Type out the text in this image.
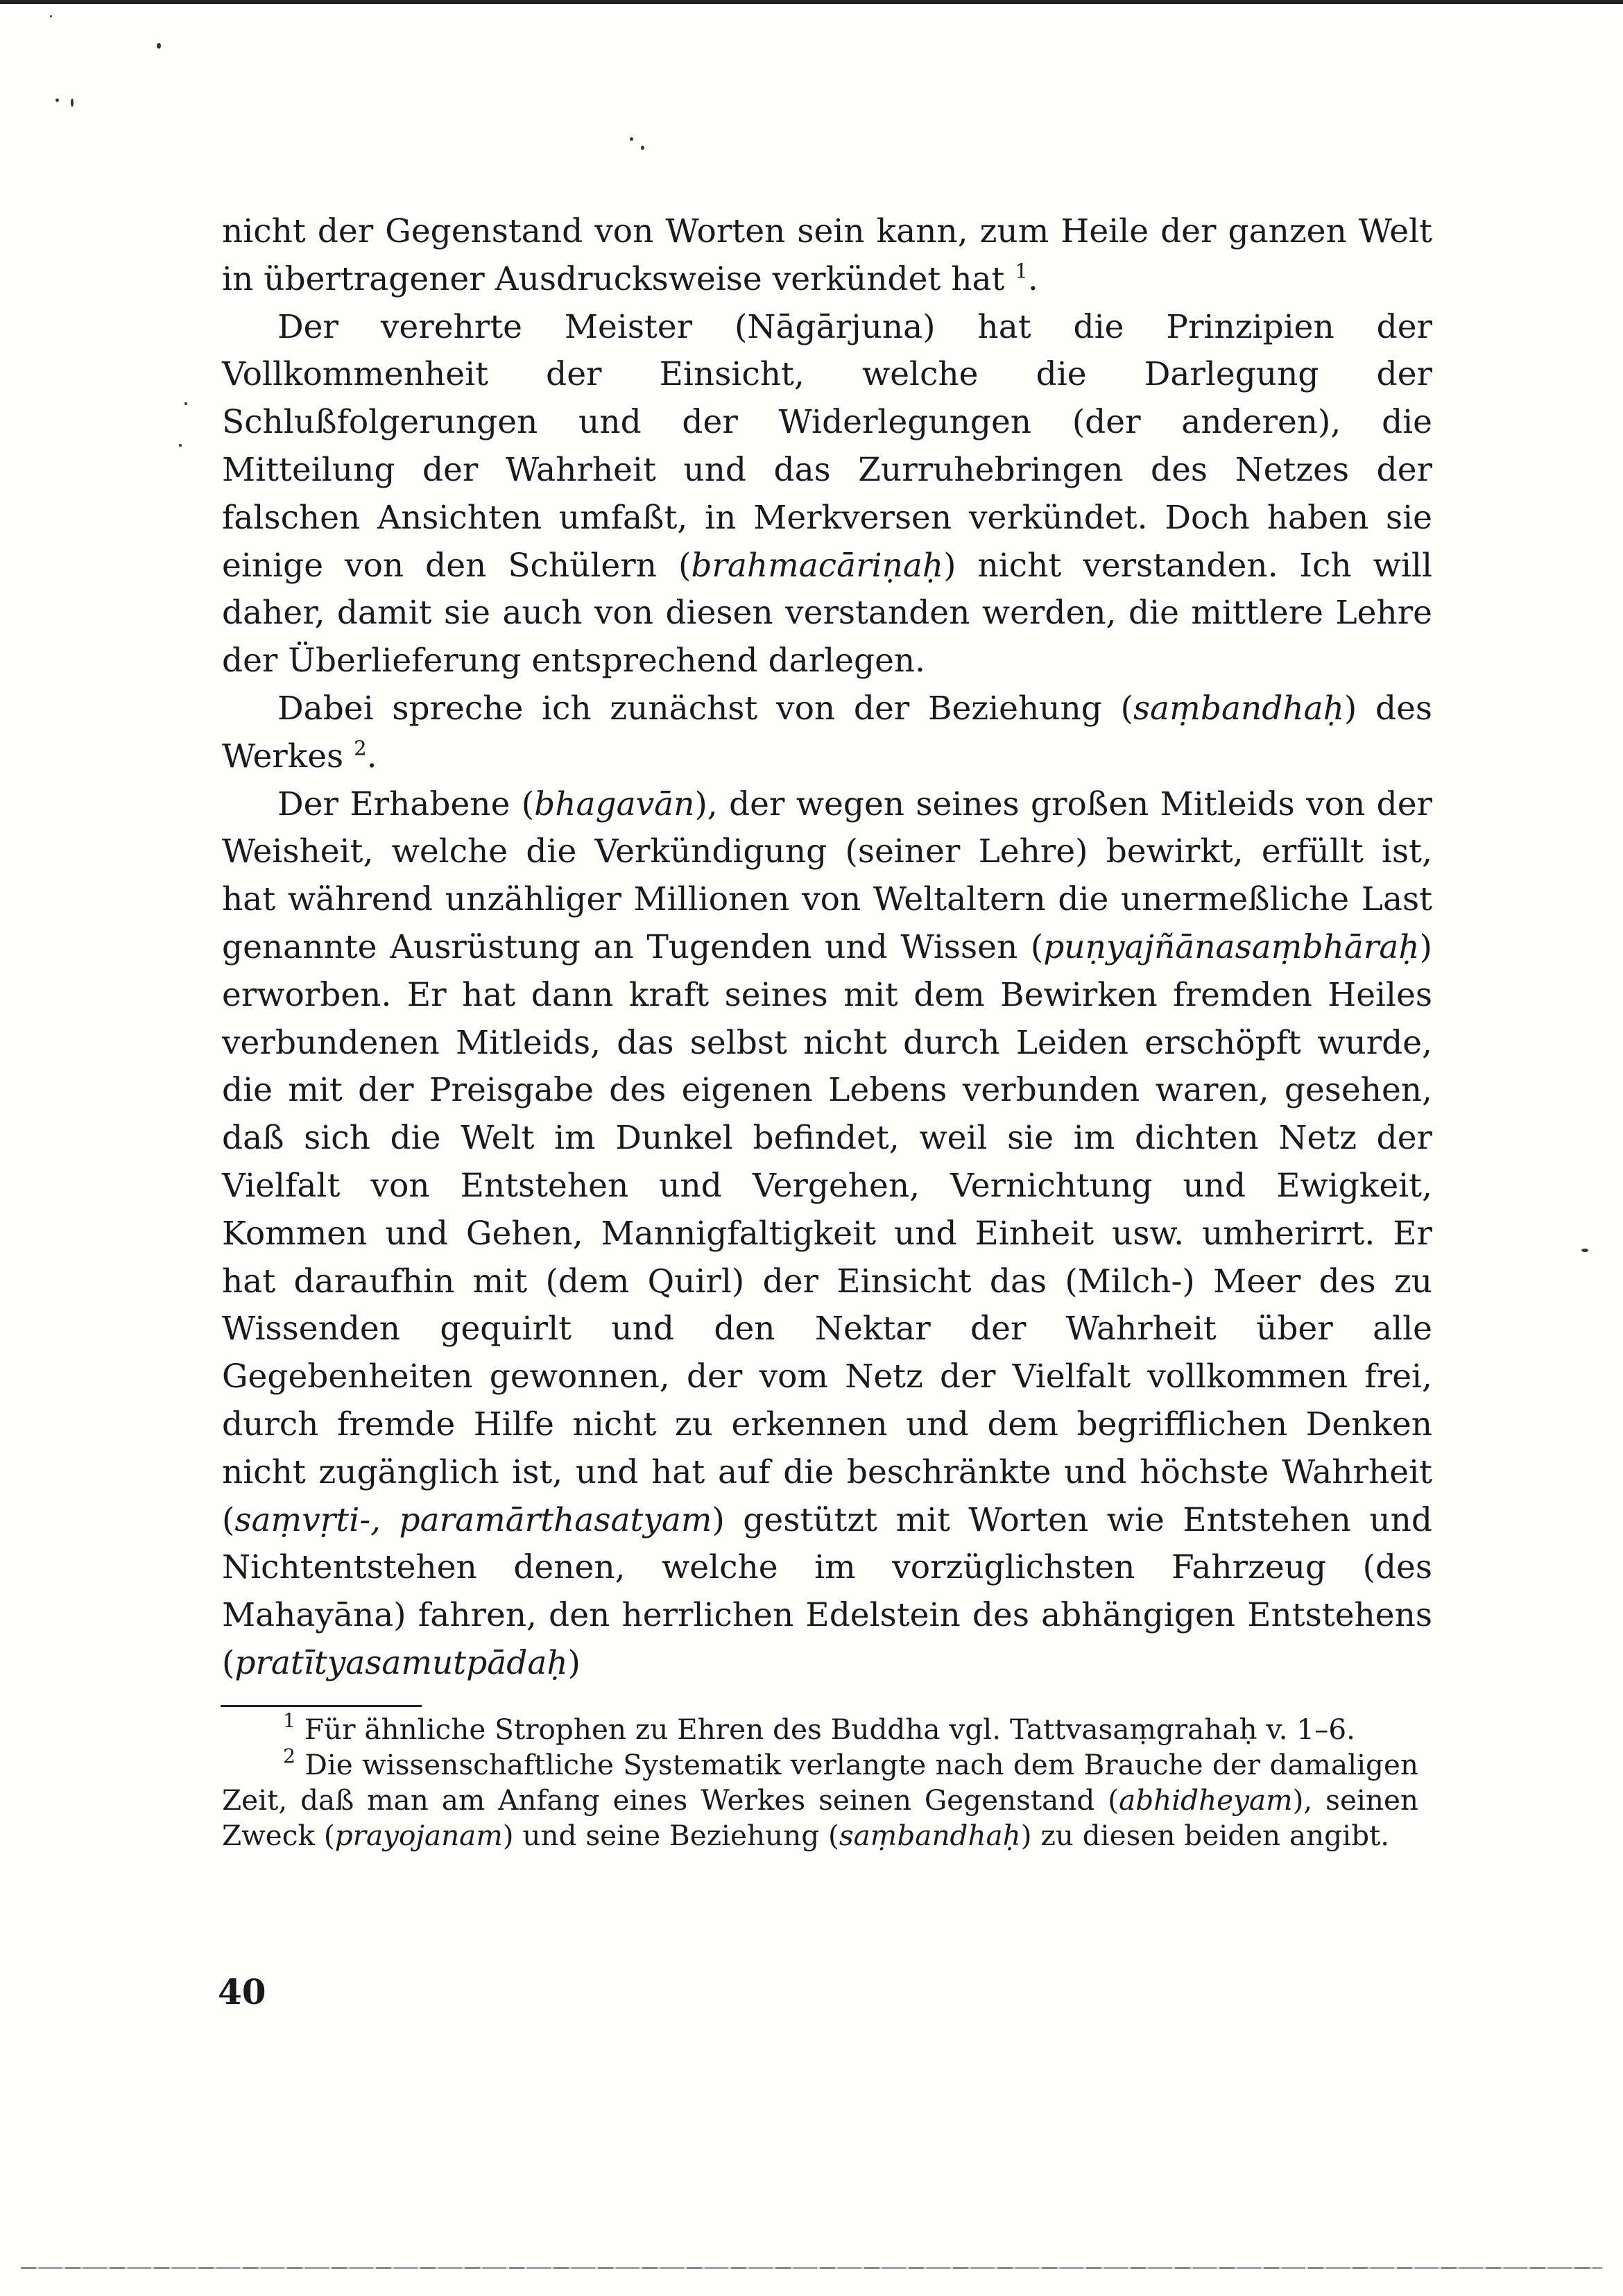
nicht der Gegenstand von Worten sein kann, zum Heile der ganzen Welt in übertragener Ausdrucksweise verkündet hat $^1$.

Der verehrte Meister (Nāgārjuna) hat die Prinzipien der Vollkommenheit der Einsicht, welche die Darlegung der Schlußfolgerungen und der Widerlegungen (der anderen), die Mitteilung der Wahrheit und das Zurruhebringen des Netzes der falschen Ansichten umfaßt, in Merkversen verkündet. Doch haben sie einige von den Schülern (brahmacāriṇaḥ) nicht verstanden. Ich will daher, damit sie auch von diesen verstanden werden, die mittlere Lehre der Überlieferung entsprechend darlegen.

Dabei spreche ich zunächst von der Beziehung (saṃbandhaḥ) des Werkes $^2$.

Der Erhabene (bhagavān), der wegen seines großen Mitleids von der Weisheit, welche die Verkündigung (seiner Lehre) bewirkt, erfüllt ist, hat während unzähliger Millionen von Weltaltern die unermeßliche Last genannte Ausrüstung an Tugenden und Wissen (puṇyajñānasaṃbhāraḥ) erworben. Er hat dann kraft seines mit dem Bewirken fremden Heiles verbundenen Mitleids, das selbst nicht durch Leiden erschöpft wurde, die mit der Preisgabe des eigenen Lebens verbunden waren, gesehen, daß sich die Welt im Dunkel befindet, weil sie im dichten Netz der Vielfalt von Entstehen und Vergehen, Vernichtung und Ewigkeit, Kommen und Gehen, Mannigfaltigkeit und Einheit usw. umherirrt. Er hat daraufhin mit (dem Quirl) der Einsicht das (Milch-) Meer des zu Wissenden gequirlt und den Nektar der Wahrheit über alle Gegebenheiten gewonnen, der vom Netz der Vielfalt vollkommen frei, durch fremde Hilfe nicht zu erkennen und dem begrifflichen Denken nicht zugänglich ist, und hat auf die beschränkte und höchste Wahrheit (saṃvṛti-, paramārthasatyam) gestützt mit Worten wie Entstehen und Nichtentstehen denen, welche im vorzüglichsten Fahrzeug (des Mahayāna) fahren, den herrlichen Edelstein des abhängigen Entstehens (pratītyasamutpādaḥ)

$^1$ Für ähnliche Strophen zu Ehren des Buddha vgl. Tattvasaṃgrahaḥ v. 1–6.

$^2$ Die wissenschaftliche Systematik verlangte nach dem Brauche der damaligen Zeit, daß man am Anfang eines Werkes seinen Gegenstand (abhidheyam), seinen Zweck (prayojanam) und seine Beziehung (saṃbandhaḥ) zu diesen beiden angibt.

40
